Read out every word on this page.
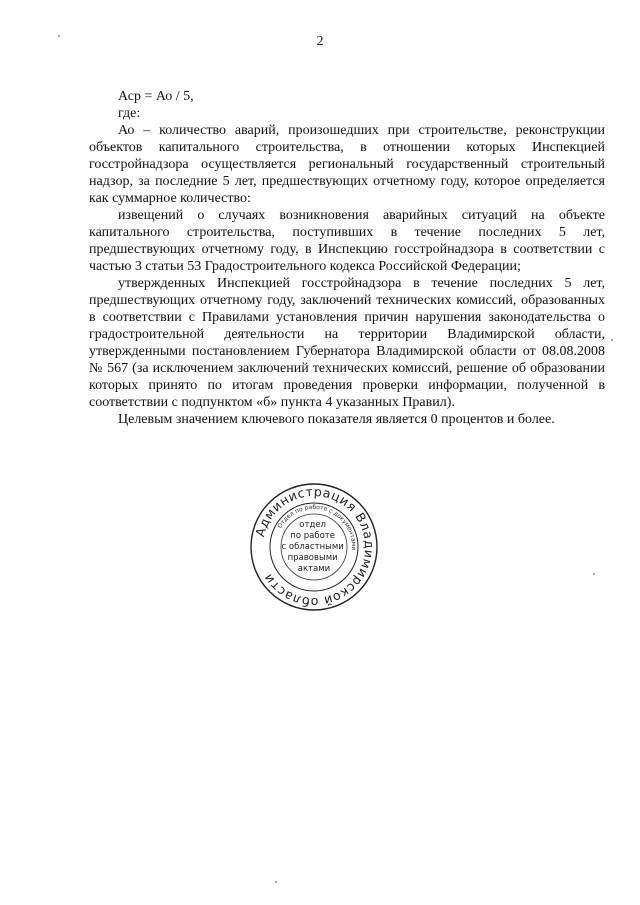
2

Аср = Ао / 5,

где:

Ао – количество аварий, произошедших при строительстве, реконструкции объектов капитального строительства, в отношении которых Инспекцией госстройнадзора осуществляется региональный государственный строительный надзор, за последние 5 лет, предшествующих отчетному году, которое определяется как суммарное количество:

извещений о случаях возникновения аварийных ситуаций на объекте капитального строительства, поступивших в течение последних 5 лет, предшествующих отчетному году, в Инспекцию госстройнадзора в соответствии с частью 3 статьи 53 Градостроительного кодекса Российской Федерации;

утвержденных Инспекцией госстройнадзора в течение последних 5 лет, предшествующих отчетному году, заключений технических комиссий, образованных в соответствии с Правилами установления причин нарушения законодательства о градостроительной деятельности на территории Владимирской области, утвержденными постановлением Губернатора Владимирской области от 08.08.2008 № 567 (за исключением заключений технических комиссий, решение об образовании которых принято по итогам проведения проверки информации, полученной в соответствии с подпунктом «б» пункта 4 указанных Правил).

Целевым значением ключевого показателя является 0 процентов и более.

Администрация Владимирской области
Отдел по работе с документами
отдел по работе с областными правовыми актами
